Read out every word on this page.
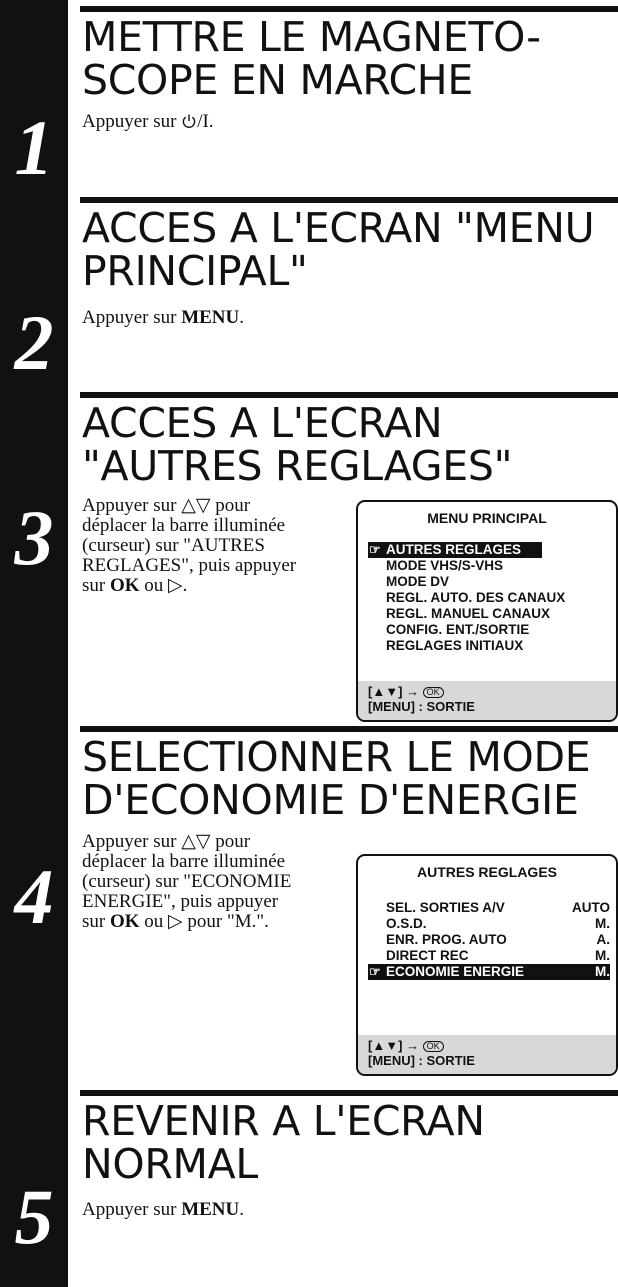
1
2
3
4
5
METTRE LE MAGNETO-
SCOPE EN MARCHE

Appuyer sur /I.

ACCES A L'ECRAN "MENU
PRINCIPAL"

Appuyer sur MENU.

ACCES A L'ECRAN
"AUTRES REGLAGES"

Appuyer sur △▽ pour
déplacer la barre illuminée
(curseur) sur "AUTRES
REGLAGES", puis appuyer
sur OK ou ▷.

MENU PRINCIPAL
☞ AUTRES REGLAGES
MODE VHS/S-VHS
MODE DV
REGL. AUTO. DES CANAUX
REGL. MANUEL CANAUX
CONFIG. ENT./SORTIE
REGLAGES INITIAUX
[▲▼] → OK
[MENU] : SORTIE
SELECTIONNER LE MODE
D'ECONOMIE D'ENERGIE

Appuyer sur △▽ pour
déplacer la barre illuminée
(curseur) sur "ECONOMIE
ENERGIE", puis appuyer
sur OK ou ▷ pour "M.".

AUTRES REGLAGES
SEL. SORTIES A/V	AUTO
O.S.D.	M.
ENR. PROG. AUTO	A.
DIRECT REC	M.
☞ ECONOMIE ENERGIE	M.
[▲▼] → OK
[MENU] : SORTIE
REVENIR A L'ECRAN
NORMAL

Appuyer sur MENU.
